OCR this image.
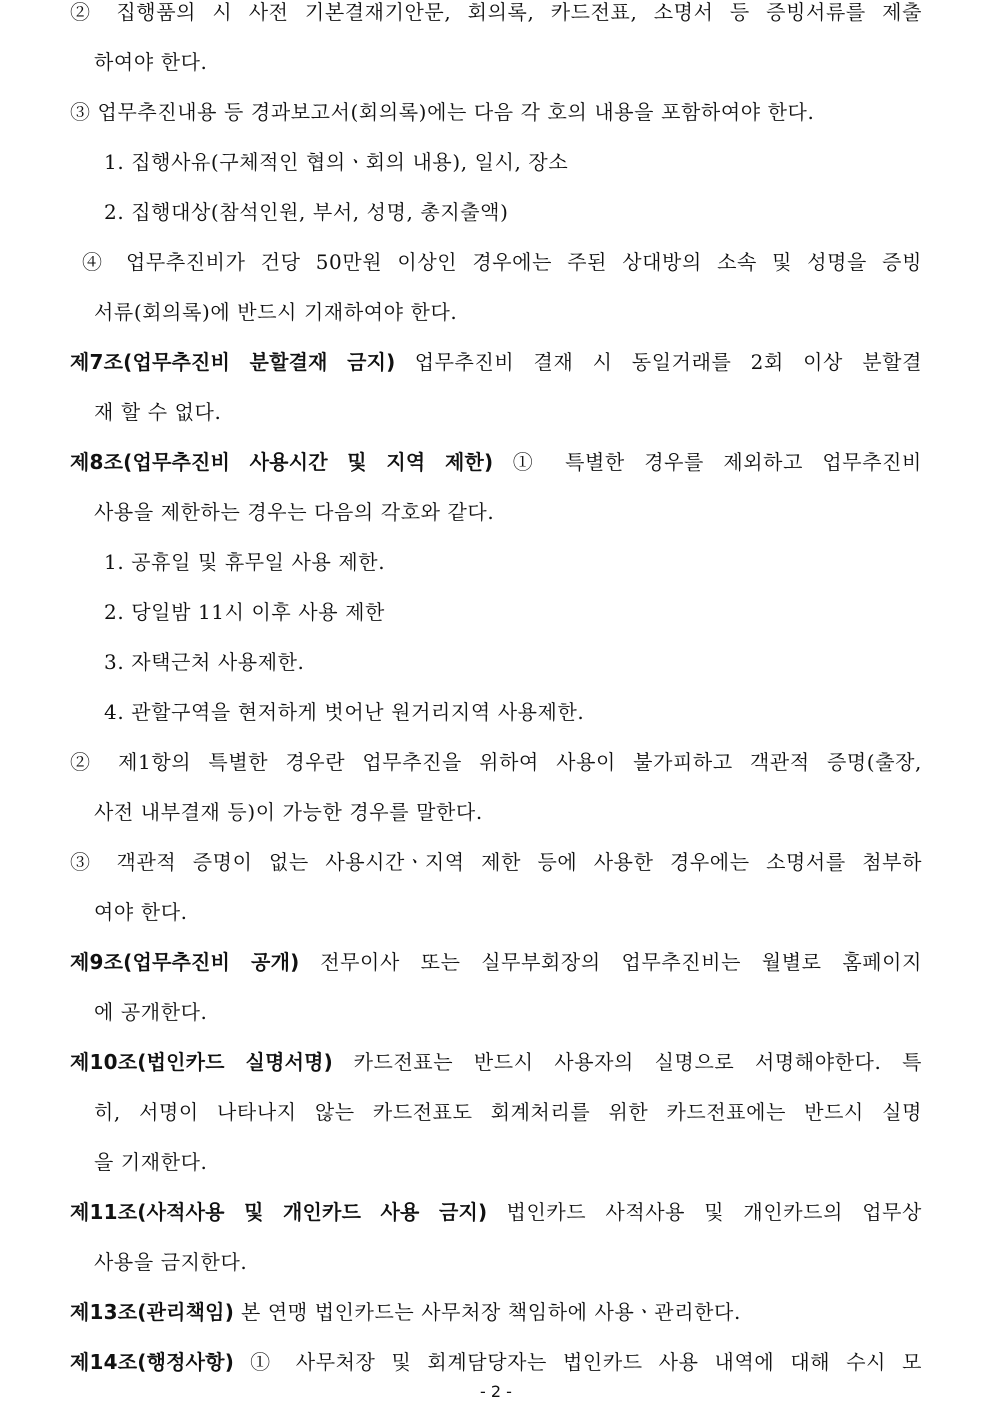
② 집행품의 시 사전 기본결재기안문, 회의록, 카드전표, 소명서 등 증빙서류를 제출
하여야 한다.
③ 업무추진내용 등 경과보고서(회의록)에는 다음 각 호의 내용을 포함하여야 한다.
1. 집행사유(구체적인 협의ㆍ회의 내용), 일시, 장소
2. 집행대상(참석인원, 부서, 성명, 총지출액)
④ 업무추진비가 건당 50만원 이상인 경우에는 주된 상대방의 소속 및 성명을 증빙
서류(회의록)에 반드시 기재하여야 한다.
제7조(업무추진비 분할결재 금지) 업무추진비 결재 시 동일거래를 2회 이상 분할결
재 할 수 없다.
제8조(업무추진비 사용시간 및 지역 제한) ① 특별한 경우를 제외하고 업무추진비
사용을 제한하는 경우는 다음의 각호와 같다.
1. 공휴일 및 휴무일 사용 제한.
2. 당일밤 11시 이후 사용 제한
3. 자택근처 사용제한.
4. 관할구역을 현저하게 벗어난 원거리지역 사용제한.
② 제1항의 특별한 경우란 업무추진을 위하여 사용이 불가피하고 객관적 증명(출장,
사전 내부결재 등)이 가능한 경우를 말한다.
③ 객관적 증명이 없는 사용시간ㆍ지역 제한 등에 사용한 경우에는 소명서를 첨부하
여야 한다.
제9조(업무추진비 공개) 전무이사 또는 실무부회장의 업무추진비는 월별로 홈페이지
에 공개한다.
제10조(법인카드 실명서명) 카드전표는 반드시 사용자의 실명으로 서명해야한다. 특
히, 서명이 나타나지 않는 카드전표도 회계처리를 위한 카드전표에는 반드시 실명
을 기재한다.
제11조(사적사용 및 개인카드 사용 금지) 법인카드 사적사용 및 개인카드의 업무상
사용을 금지한다.
제13조(관리책임) 본 연맹 법인카드는 사무처장 책임하에 사용ㆍ관리한다.
제14조(행정사항) ① 사무처장 및 회계담당자는 법인카드 사용 내역에 대해 수시 모
- 2 -
